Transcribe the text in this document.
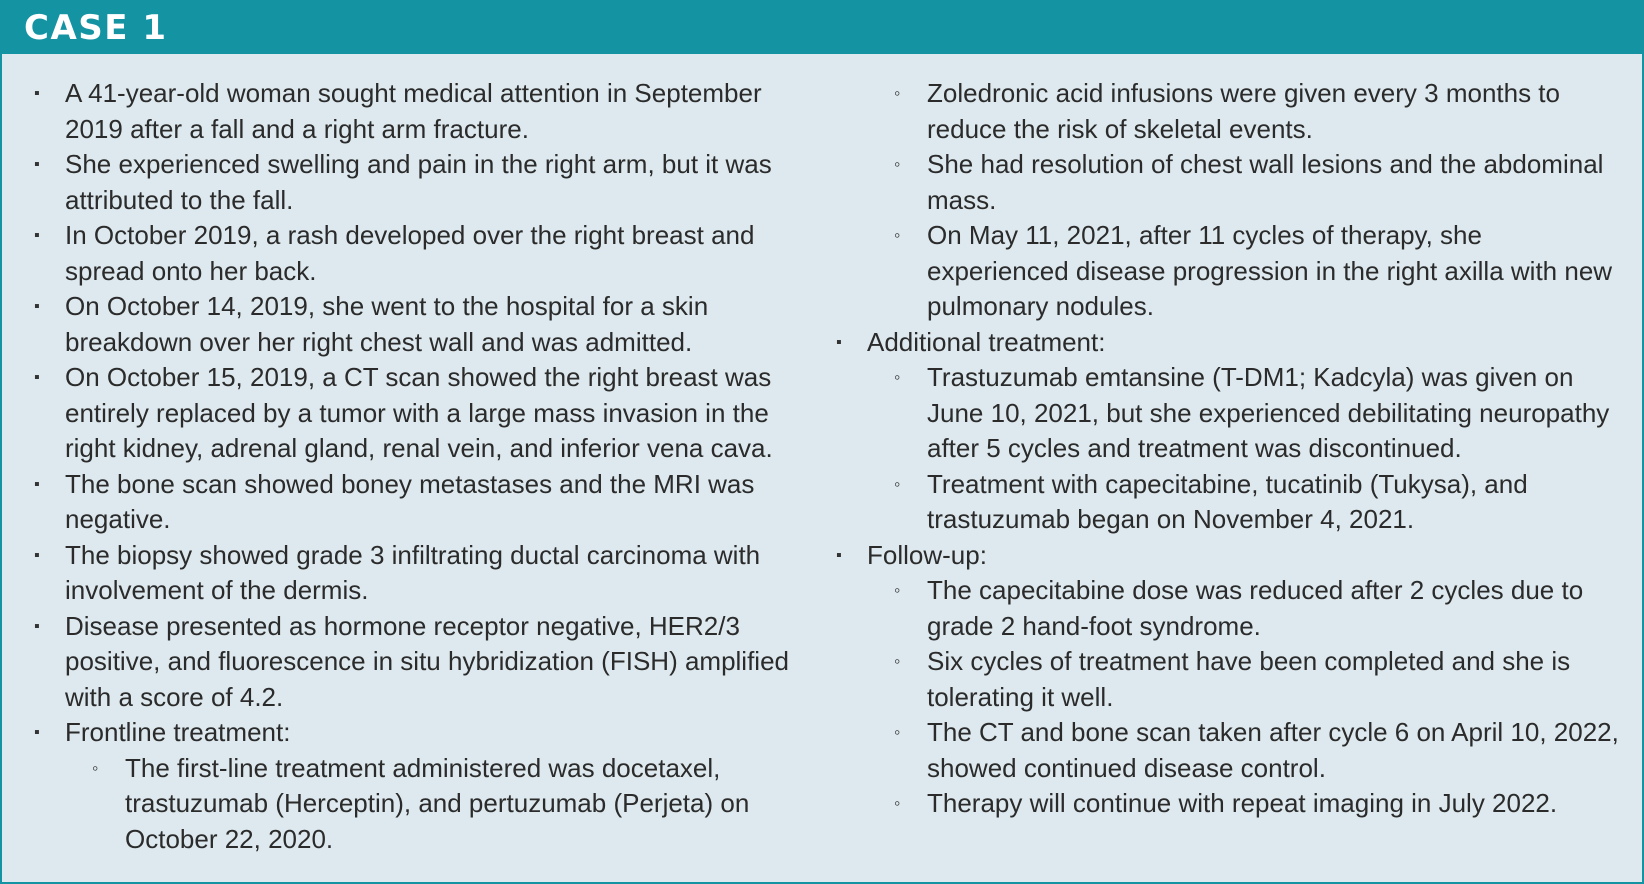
CASE 1
▪ A 41-year-old woman sought medical attention in September 2019 after a fall and a right arm fracture.
▪ She experienced swelling and pain in the right arm, but it was attributed to the fall.
▪ In October 2019, a rash developed over the right breast and spread onto her back.
▪ On October 14, 2019, she went to the hospital for a skin breakdown over her right chest wall and was admitted.
▪ On October 15, 2019, a CT scan showed the right breast was entirely replaced by a tumor with a large mass invasion in the right kidney, adrenal gland, renal vein, and inferior vena cava.
▪ The bone scan showed boney metastases and the MRI was negative.
▪ The biopsy showed grade 3 infiltrating ductal carcinoma with involvement of the dermis.
▪ Disease presented as hormone receptor negative, HER2/3 positive, and fluorescence in situ hybridization (FISH) amplified with a score of 4.2.
▪ Frontline treatment:
◦ The first-line treatment administered was docetaxel, trastuzumab (Herceptin), and pertuzumab (Perjeta) on October 22, 2020.
◦ Zoledronic acid infusions were given every 3 months to reduce the risk of skeletal events.
◦ She had resolution of chest wall lesions and the abdominal mass.
◦ On May 11, 2021, after 11 cycles of therapy, she experienced disease progression in the right axilla with new pulmonary nodules.
▪ Additional treatment:
◦ Trastuzumab emtansine (T-DM1; Kadcyla) was given on June 10, 2021, but she experienced debilitating neuropathy after 5 cycles and treatment was discontinued.
◦ Treatment with capecitabine, tucatinib (Tukysa), and trastuzumab began on November 4, 2021.
▪ Follow-up:
◦ The capecitabine dose was reduced after 2 cycles due to grade 2 hand-foot syndrome.
◦ Six cycles of treatment have been completed and she is tolerating it well.
◦ The CT and bone scan taken after cycle 6 on April 10, 2022, showed continued disease control.
◦ Therapy will continue with repeat imaging in July 2022.
